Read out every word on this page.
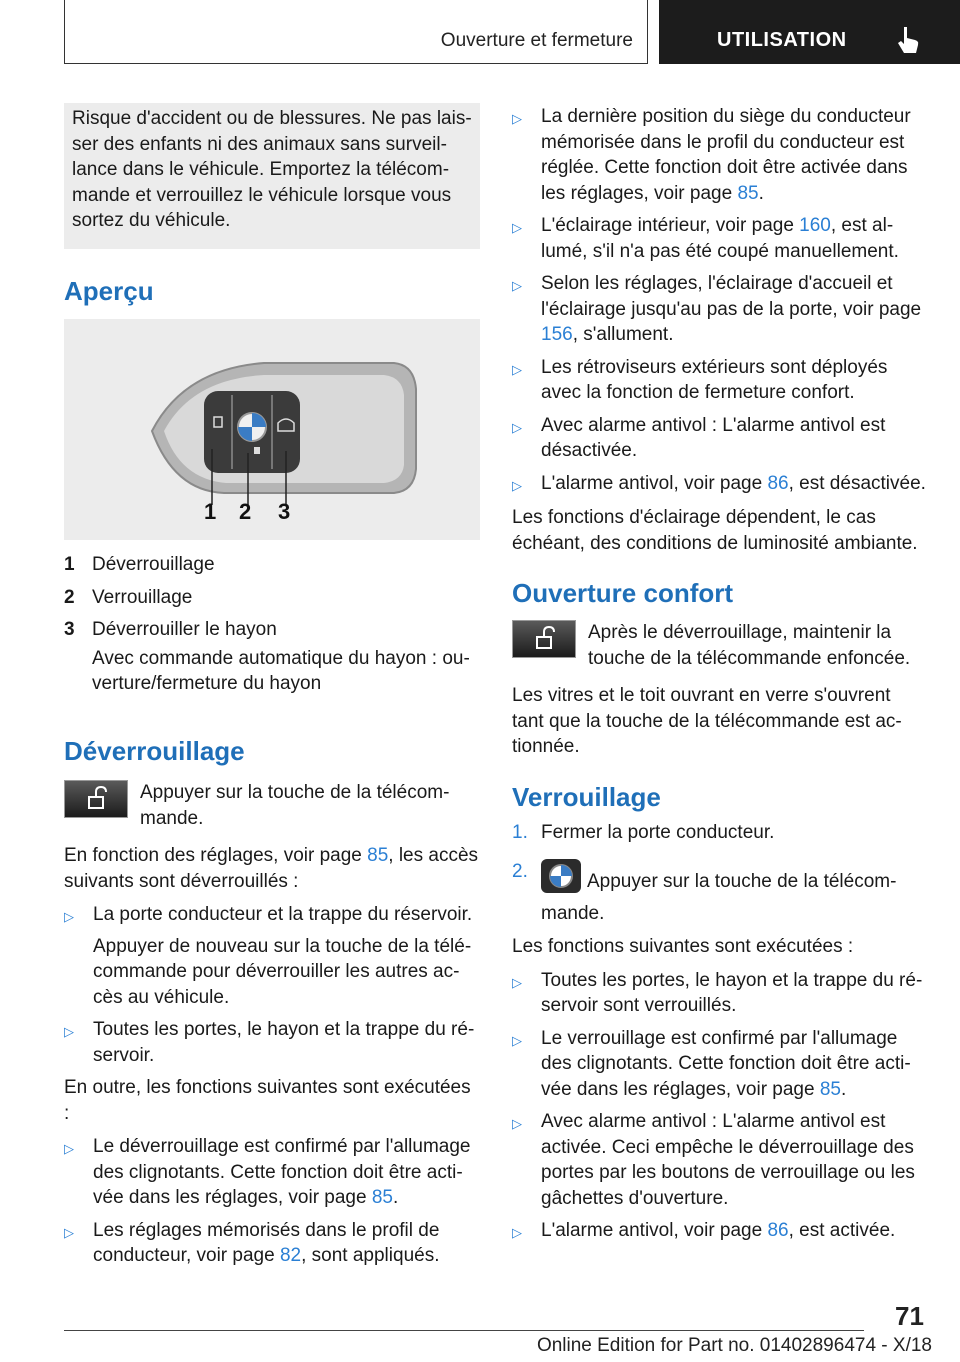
Ouverture et fermeture	UTILISATION
Risque d'accident ou de blessures. Ne pas laisser des enfants ni des animaux sans surveillance dans le véhicule. Emportez la télécommande et verrouillez le véhicule lorsque vous sortez du véhicule.
Aperçu
1 2 3
1 Déverrouillage
2 Verrouillage
3 Déverrouiller le hayon
Avec commande automatique du hayon : ouverture/fermeture du hayon
Déverrouillage
Appuyer sur la touche de la télécommande.

En fonction des réglages, voir page 85, les accès suivants sont déverrouillés :

▷	La porte conducteur et la trappe du réservoir.
Appuyer de nouveau sur la touche de la télécommande pour déverrouiller les autres accès au véhicule.
▷	Toutes les portes, le hayon et la trappe du réservoir.

En outre, les fonctions suivantes sont exécutées :

▷	Le déverrouillage est confirmé par l'allumage des clignotants. Cette fonction doit être activée dans les réglages, voir page 85.
▷	Les réglages mémorisés dans le profil de conducteur, voir page 82, sont appliqués.
▷	La dernière position du siège du conducteur mémorisée dans le profil du conducteur est réglée. Cette fonction doit être activée dans les réglages, voir page 85.
▷	L'éclairage intérieur, voir page 160, est allumé, s'il n'a pas été coupé manuellement.
▷	Selon les réglages, l'éclairage d'accueil et l'éclairage jusqu'au pas de la porte, voir page 156, s'allument.
▷	Les rétroviseurs extérieurs sont déployés avec la fonction de fermeture confort.
▷	Avec alarme antivol : L'alarme antivol est désactivée.
▷	L'alarme antivol, voir page 86, est désactivée.

Les fonctions d'éclairage dépendent, le cas échéant, des conditions de luminosité ambiante.

Ouverture confort
Après le déverrouillage, maintenir la touche de la télécommande enfoncée.

Les vitres et le toit ouvrant en verre s'ouvrent tant que la touche de la télécommande est actionnée.

Verrouillage
1. Fermer la porte conducteur.
2.	Appuyer sur la touche de la télécommande.

Les fonctions suivantes sont exécutées :

▷	Toutes les portes, le hayon et la trappe du réservoir sont verrouillés.
▷	Le verrouillage est confirmé par l'allumage des clignotants. Cette fonction doit être activée dans les réglages, voir page 85.
▷	Avec alarme antivol : L'alarme antivol est activée. Ceci empêche le déverrouillage des portes par les boutons de verrouillage ou les gâchettes d'ouverture.
▷	L'alarme antivol, voir page 86, est activée.
71
Online Edition for Part no. 01402896474 - X/18
